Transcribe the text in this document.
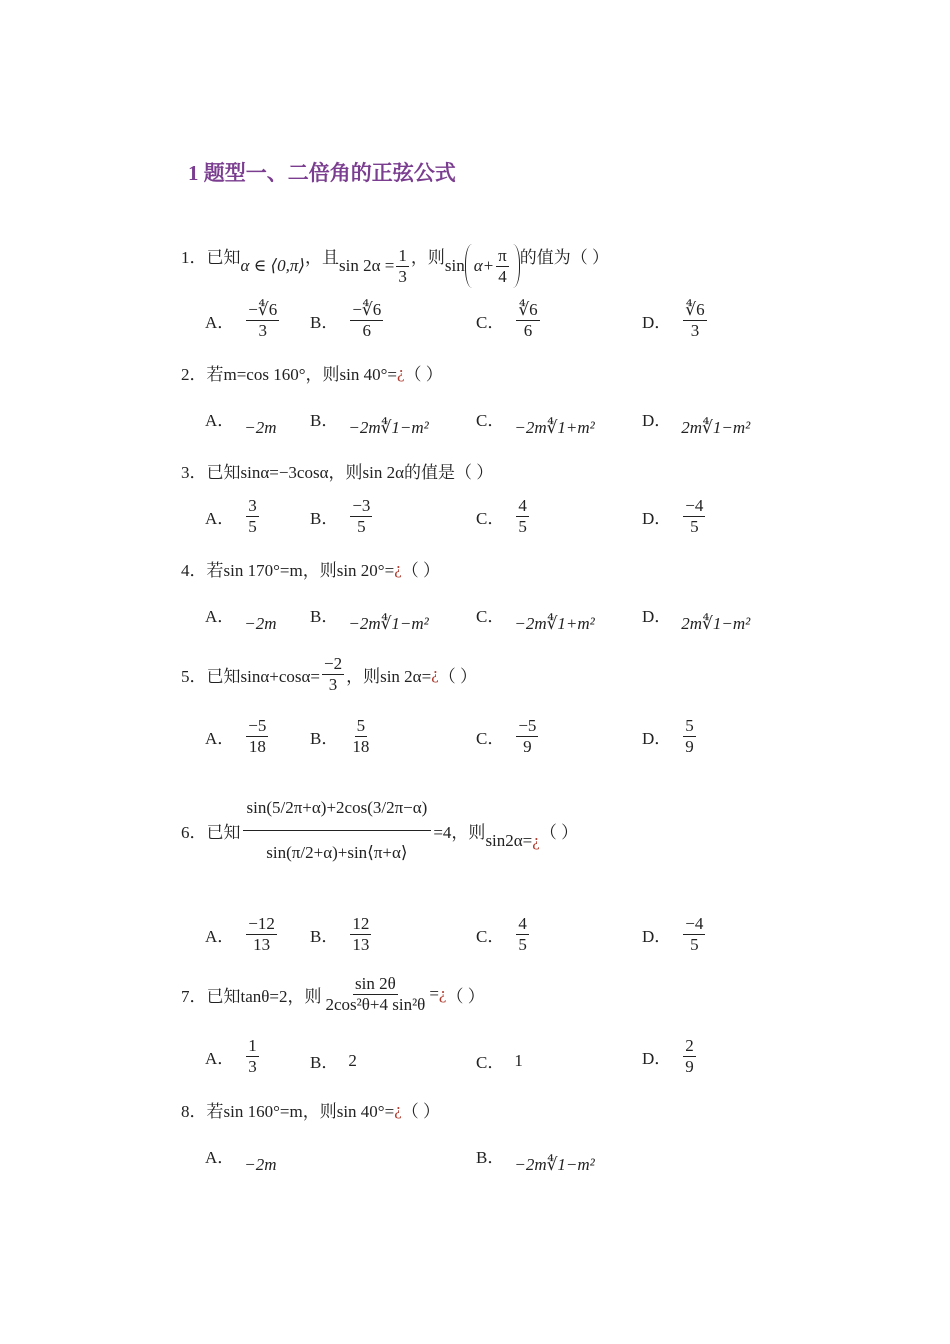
1 题型一、二倍角的正弦公式
1． 已知 α ∈ ⟨0,π⟩ ，且 $\sin 2\alpha = \frac{1}{3}$ ，则 $\sin \alpha+ \frac{\pi}{4}$ 的值为（ ）
A． $\frac{-∜6}{3}$ B． $\frac{-∜6}{6}$	C． $\frac{∜6}{6}$	D． $\frac{∜6}{3}$
2． 若m=cos 160°，则sin 40°= ¿ （ ）
A． −2m B． −2m∜1−m²	C． −2m∜1+m²	D． 2m∜1−m²
3． 已知sinα=−3cosα，则sin 2α的值是（ ）
A． $\frac{3}{5}$	B． $\frac{-3}{5}$	C． $\frac{4}{5}$	D． $\frac{-4}{5}$
4． 若sin 170°=m，则sin 20°= ¿ （ ）
A． −2m B． −2m∜1−m²	C． −2m∜1+m²	D． 2m∜1−m²
5． 已知$\sin\alpha+\cos\alpha= \frac{-2}{3}$ ，则sin 2α= ¿ （ ）
A． $\frac{-5}{18}$ B． $\frac{5}{18}$	C． $\frac{-5}{9}$	D． $\frac{5}{9}$
6． 已知 $\frac{\sin(5/2\pi+\alpha)+2\cos(3/2\pi-\alpha)}{\sin(\pi/2+\alpha)+\sin⟨\pi+\alpha⟩} =4$，则 sin2α= ¿ （ ）
A． $\frac{-12}{13}$ B． $\frac{12}{13}$	C． $\frac{4}{5}$	D． $\frac{-4}{5}$
7． 已知tanθ=2，则 $\frac{\sin 2\theta}{\text{2cos²θ+4 sin²θ}}$ = ¿ （ ）
A． $\frac{1}{3}$	B． 2	C． 1	D． $\frac{2}{9}$
8． 若sin 160°=m，则sin 40°= ¿ （ ）
A． −2m	B． −2m∜1−m²
